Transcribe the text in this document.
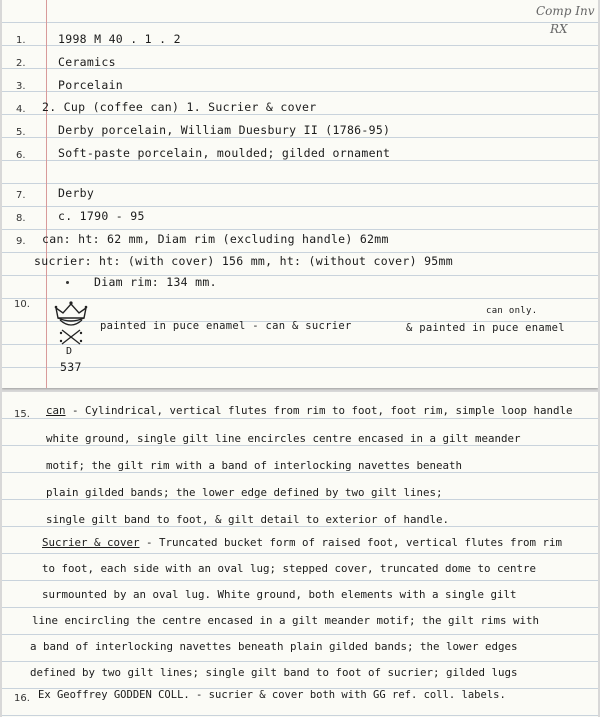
Comp Inv
RX
1.	1998 M 40 . 1 . 2
2.	Ceramics
3.	Porcelain
4. 2. Cup (coffee can) 1. Sucrier & cover
5.	Derby porcelain, William Duesbury II (1786-95)
6.	Soft-paste porcelain, moulded; gilded ornament
7.	Derby
8.	c. 1790 - 95
9. can: ht: 62 mm, Diam rim (excluding handle) 62mm
sucrier: ht: (with cover) 156 mm, ht: (without cover) 95mm
Diam rim: 134 mm.
10.
D
537
painted in puce enamel - can & sucrier
can only.
& painted in puce enamel
15. can - Cylindrical, vertical flutes from rim to foot, foot rim, simple loop handle
white ground, single gilt line encircles centre encased in a gilt meander
motif; the gilt rim with a band of interlocking navettes beneath
plain gilded bands; the lower edge defined by two gilt lines;
single gilt band to foot, & gilt detail to exterior of handle.
Sucrier & cover - Truncated bucket form of raised foot, vertical flutes from rim
to foot, each side with an oval lug; stepped cover, truncated dome to centre
surmounted by an oval lug. White ground, both elements with a single gilt
line encircling the centre encased in a gilt meander motif; the gilt rims with
a band of interlocking navettes beneath plain gilded bands; the lower edges
defined by two gilt lines; single gilt band to foot of sucrier; gilded lugs
16. Ex Geoffrey GODDEN COLL. - sucrier & cover both with GG ref. coll. labels.
